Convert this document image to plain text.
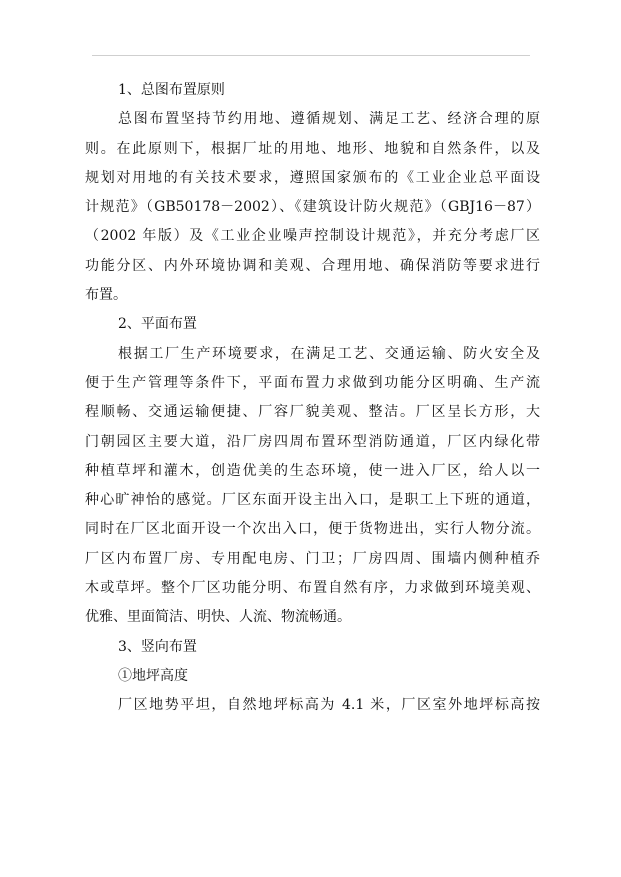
1、总图布置原则
总图布置坚持节约用地、遵循规划、满足工艺、经济合理的原
则。在此原则下，根据厂址的用地、地形、地貌和自然条件，以及
规划对用地的有关技术要求，遵照国家颁布的《工业企业总平面设
计规范》（GB50178－2002）、《建筑设计防火规范》（GBJ16－87）
（2002 年版）及《工业企业噪声控制设计规范》，并充分考虑厂区
功能分区、内外环境协调和美观、合理用地、确保消防等要求进行
布置。
2、平面布置
根据工厂生产环境要求，在满足工艺、交通运输、防火安全及
便于生产管理等条件下，平面布置力求做到功能分区明确、生产流
程顺畅、交通运输便捷、厂容厂貌美观、整洁。厂区呈长方形，大
门朝园区主要大道，沿厂房四周布置环型消防通道，厂区内绿化带
种植草坪和灌木，创造优美的生态环境，使一进入厂区，给人以一
种心旷神怡的感觉。厂区东面开设主出入口，是职工上下班的通道，
同时在厂区北面开设一个次出入口，便于货物进出，实行人物分流。
厂区内布置厂房、专用配电房、门卫；厂房四周、围墙内侧种植乔
木或草坪。整个厂区功能分明、布置自然有序，力求做到环境美观、
优雅、里面简洁、明快、人流、物流畅通。
3、竖向布置
①地坪高度
厂区地势平坦，自然地坪标高为 4.1 米，厂区室外地坪标高按
